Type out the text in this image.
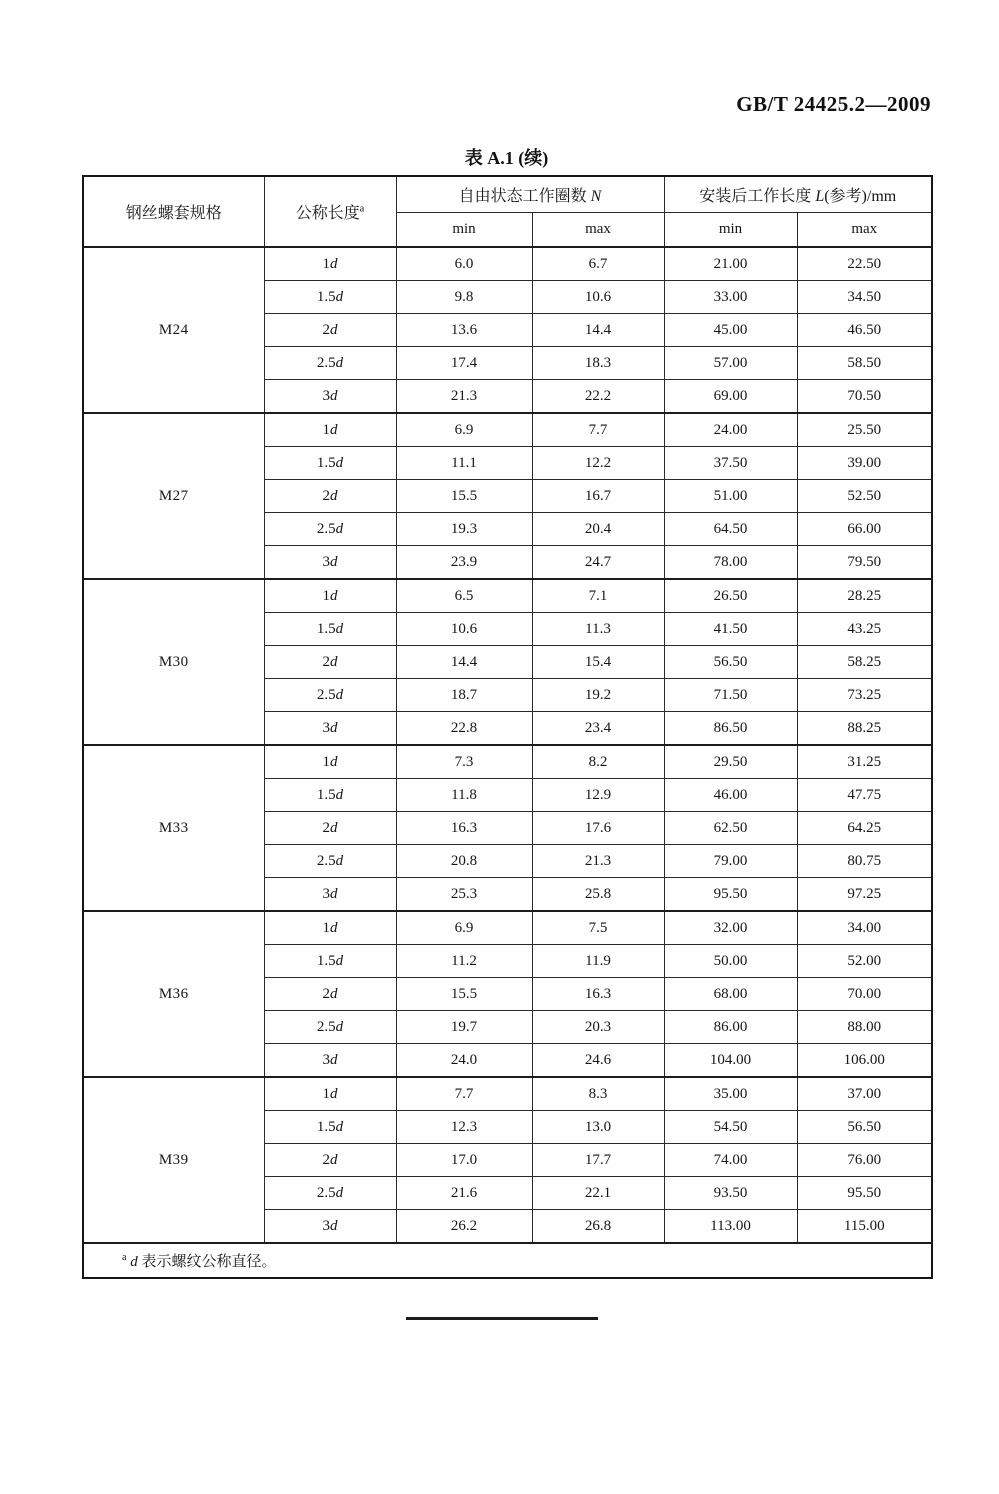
GB/T 24425.2—2009
表 A.1 (续)
钢丝螺套规格	公称长度$^a$	自由状态工作圈数 N		安装后工作长度 L(参考)/mm	
		min	max	min	max
M24	1d	6.0	6.7	21.00	22.50
	1.5d	9.8	10.6	33.00	34.50
	2d	13.6	14.4	45.00	46.50
	2.5d	17.4	18.3	57.00	58.50
	3d	21.3	22.2	69.00	70.50
M27	1d	6.9	7.7	24.00	25.50
	1.5d	11.1	12.2	37.50	39.00
	2d	15.5	16.7	51.00	52.50
	2.5d	19.3	20.4	64.50	66.00
	3d	23.9	24.7	78.00	79.50
M30	1d	6.5	7.1	26.50	28.25
	1.5d	10.6	11.3	41.50	43.25
	2d	14.4	15.4	56.50	58.25
	2.5d	18.7	19.2	71.50	73.25
	3d	22.8	23.4	86.50	88.25
M33	1d	7.3	8.2	29.50	31.25
	1.5d	11.8	12.9	46.00	47.75
	2d	16.3	17.6	62.50	64.25
	2.5d	20.8	21.3	79.00	80.75
	3d	25.3	25.8	95.50	97.25
M36	1d	6.9	7.5	32.00	34.00
	1.5d	11.2	11.9	50.00	52.00
	2d	15.5	16.3	68.00	70.00
	2.5d	19.7	20.3	86.00	88.00
	3d	24.0	24.6	104.00	106.00
M39	1d	7.7	8.3	35.00	37.00
	1.5d	12.3	13.0	54.50	56.50
	2d	17.0	17.7	74.00	76.00
	2.5d	21.6	22.1	93.50	95.50
	3d	26.2	26.8	113.00	115.00
$^a$ d 表示螺纹公称直径。					
